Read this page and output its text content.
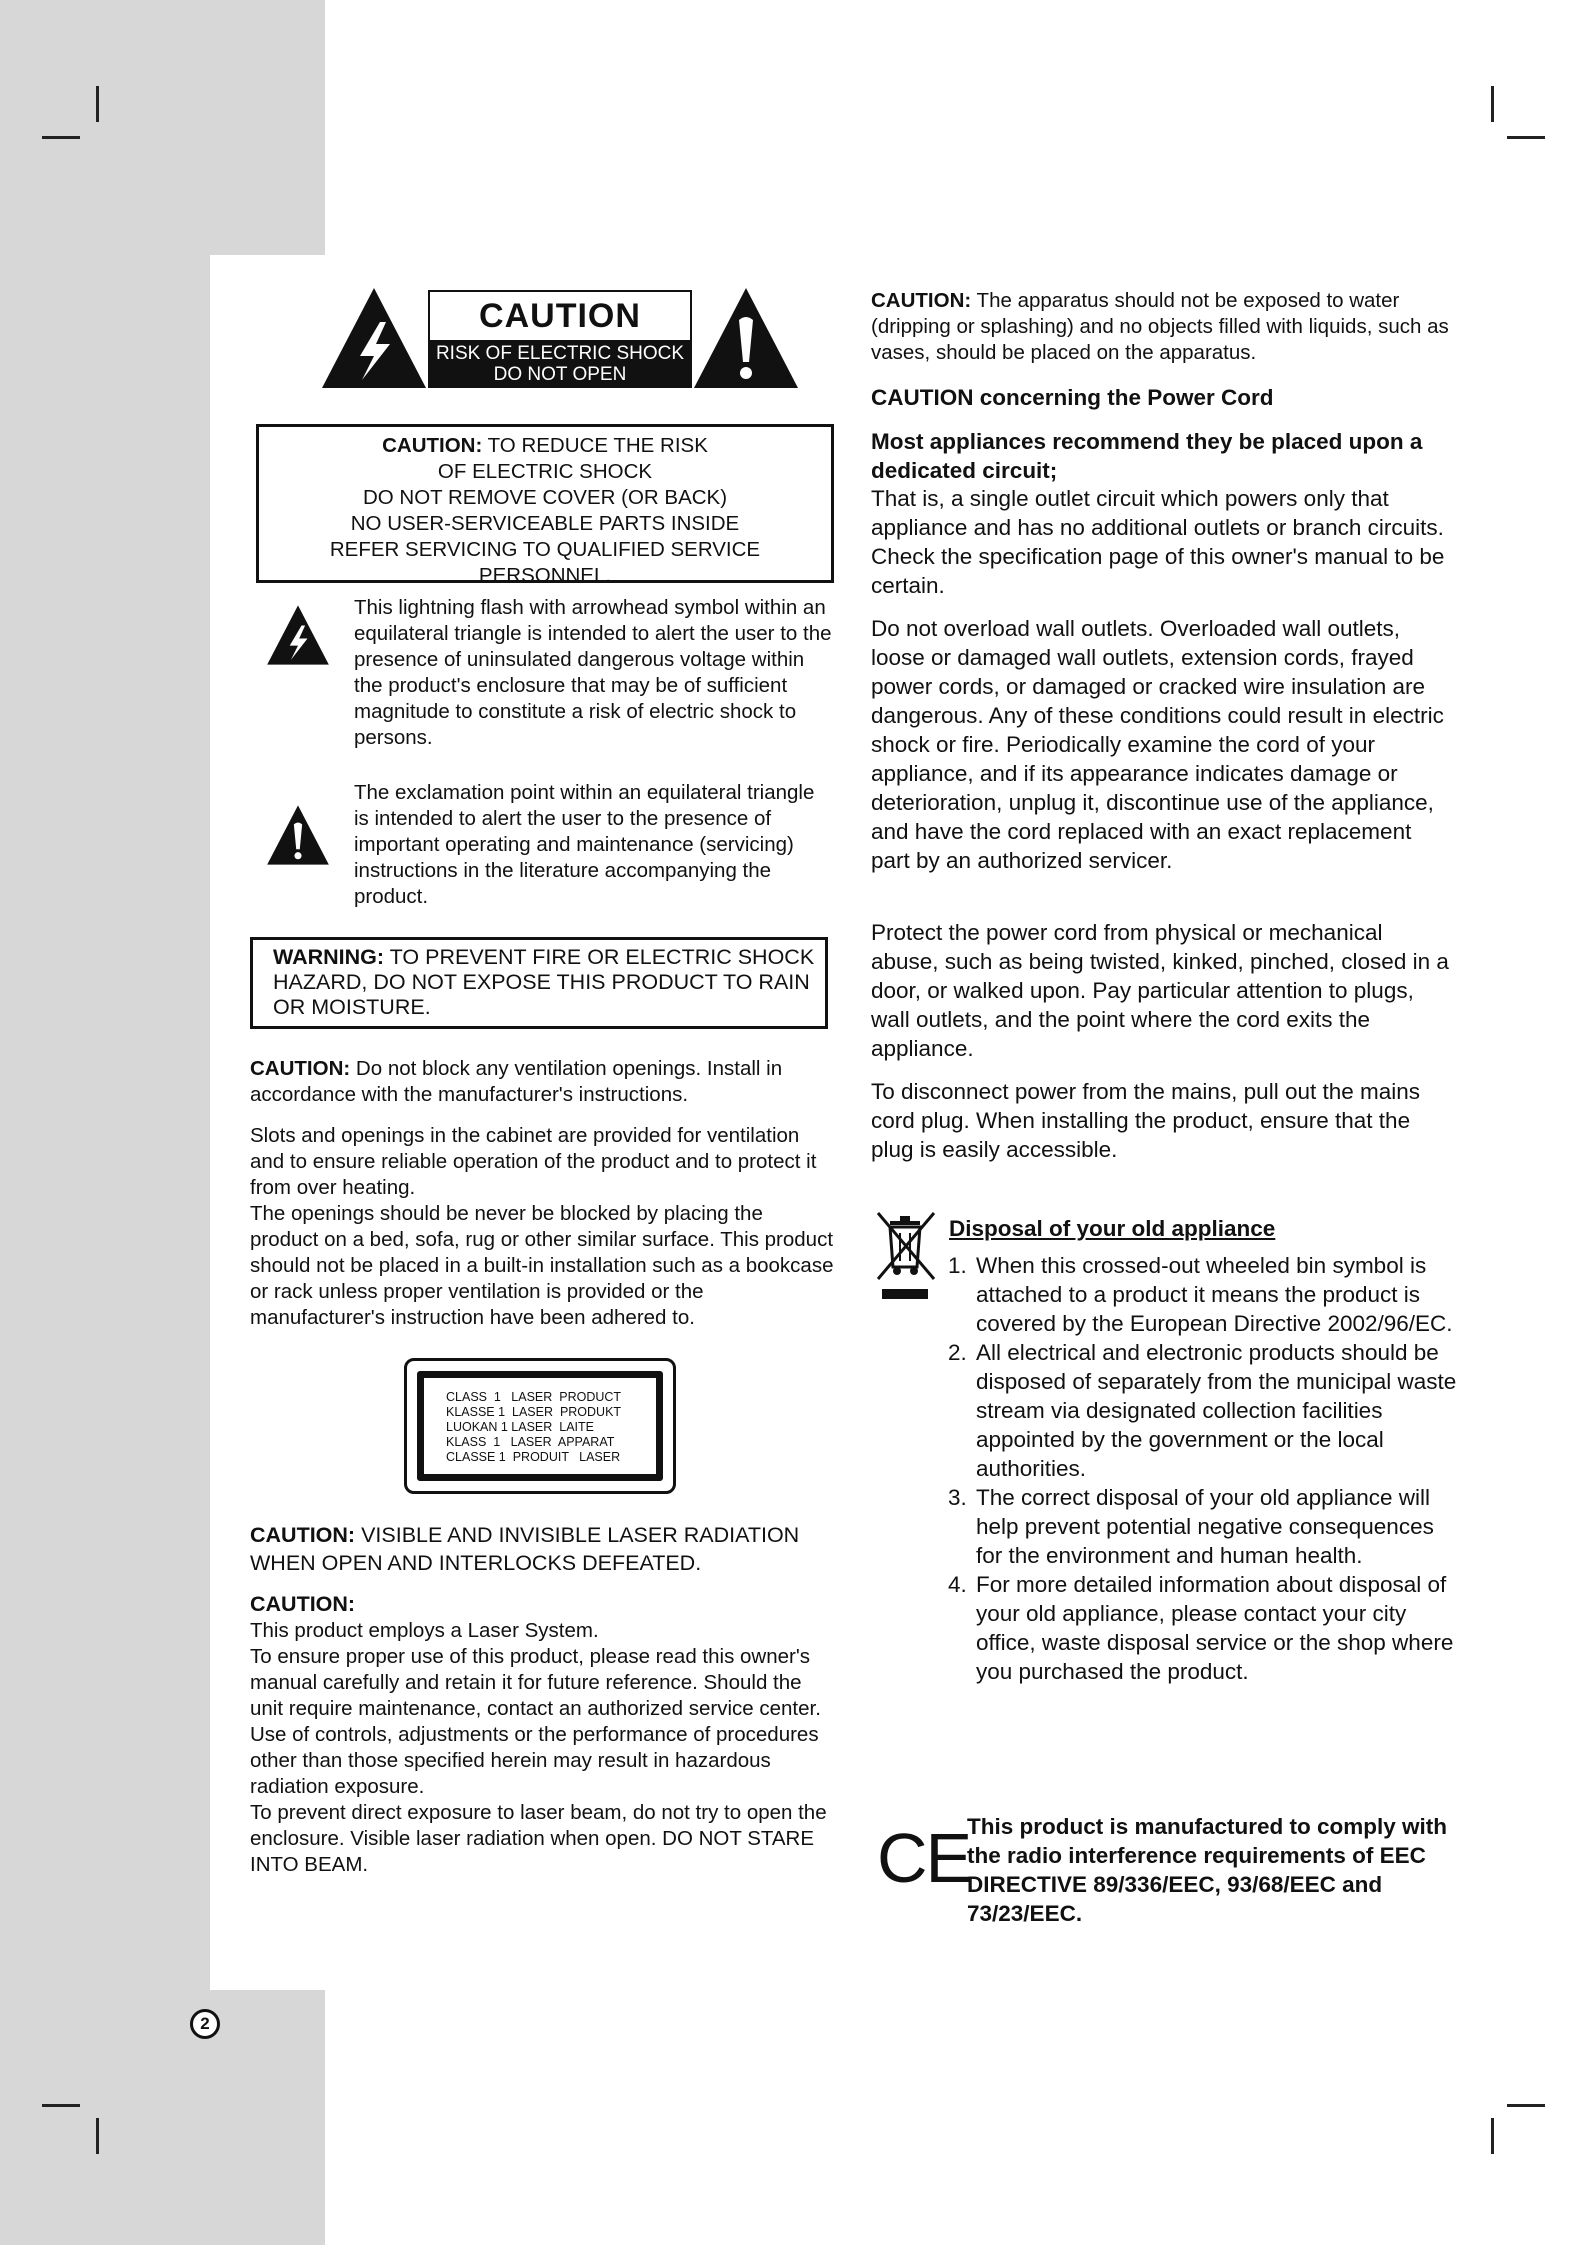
CAUTION
RISK OF ELECTRIC SHOCK
DO NOT OPEN
CAUTION: TO REDUCE THE RISK
OF ELECTRIC SHOCK
DO NOT REMOVE COVER (OR BACK)
NO USER-SERVICEABLE PARTS INSIDE
REFER SERVICING TO QUALIFIED SERVICE
PERSONNEL.

This lightning flash with arrowhead symbol within an equilateral triangle is intended to alert the user to the presence of uninsulated dangerous voltage within the product's enclosure that may be of sufficient magnitude to constitute a risk of electric shock to persons.

The exclamation point within an equilateral triangle is intended to alert the user to the presence of important operating and maintenance (servicing) instructions in the literature accompanying the product.

WARNING: TO PREVENT FIRE OR ELECTRIC SHOCK HAZARD, DO NOT EXPOSE THIS PRODUCT TO RAIN OR MOISTURE.

CAUTION: Do not block any ventilation openings. Install in accordance with the manufacturer's instructions.

Slots and openings in the cabinet are provided for ventilation and to ensure reliable operation of the product and to protect it from over heating.

The openings should be never be blocked by placing the product on a bed, sofa, rug or other similar surface. This product should not be placed in a built-in installation such as a bookcase or rack unless proper ventilation is provided or the manufacturer's instruction have been adhered to.

CLASS  1   LASER  PRODUCT
KLASSE 1  LASER  PRODUKT
LUOKAN 1 LASER  LAITE
KLASS  1   LASER  APPARAT
CLASSE 1  PRODUIT   LASER

CAUTION: VISIBLE AND INVISIBLE LASER RADIATION WHEN OPEN AND INTERLOCKS DEFEATED.

CAUTION:

This product employs a Laser System.

To ensure proper use of this product, please read this owner's manual carefully and retain it for future reference. Should the unit require maintenance, contact an authorized service center.

Use of controls, adjustments or the performance of procedures other than those specified herein may result in hazardous radiation exposure.

To prevent direct exposure to laser beam, do not try to open the enclosure. Visible laser radiation when open. DO NOT STARE INTO BEAM.

CAUTION: The apparatus should not be exposed to water (dripping or splashing) and no objects filled with liquids, such as vases, should be placed on the apparatus.

CAUTION concerning the Power Cord

Most appliances recommend they be placed upon a dedicated circuit;

That is, a single outlet circuit which powers only that appliance and has no additional outlets or branch circuits. Check the specification page of this owner's manual to be certain.

Do not overload wall outlets. Overloaded wall outlets, loose or damaged wall outlets, extension cords, frayed power cords, or damaged or cracked wire insulation are dangerous. Any of these conditions could result in electric shock or fire. Periodically examine the cord of your appliance, and if its appearance indicates damage or deterioration, unplug it, discontinue use of the appliance, and have the cord replaced with an exact replacement part by an authorized servicer.

Protect the power cord from physical or mechanical abuse, such as being twisted, kinked, pinched, closed in a door, or walked upon. Pay particular attention to plugs, wall outlets, and the point where the cord exits the appliance.

To disconnect power from the mains, pull out the mains cord plug. When installing the product, ensure that the plug is easily accessible.

Disposal of your old appliance

1. When this crossed-out wheeled bin symbol is attached to a product it means the product is covered by the European Directive 2002/96/EC.
2. All electrical and electronic products should be disposed of separately from the municipal waste stream via designated collection facilities appointed by the government or the local authorities.
3. The correct disposal of your old appliance will help prevent potential negative consequences for the environment and human health.
4. For more detailed information about disposal of your old appliance, please contact your city office, waste disposal service or the shop where you purchased the product.
CE

This product is manufactured to comply with the radio interference requirements of EEC DIRECTIVE 89/336/EEC, 93/68/EEC and 73/23/EEC.

2
